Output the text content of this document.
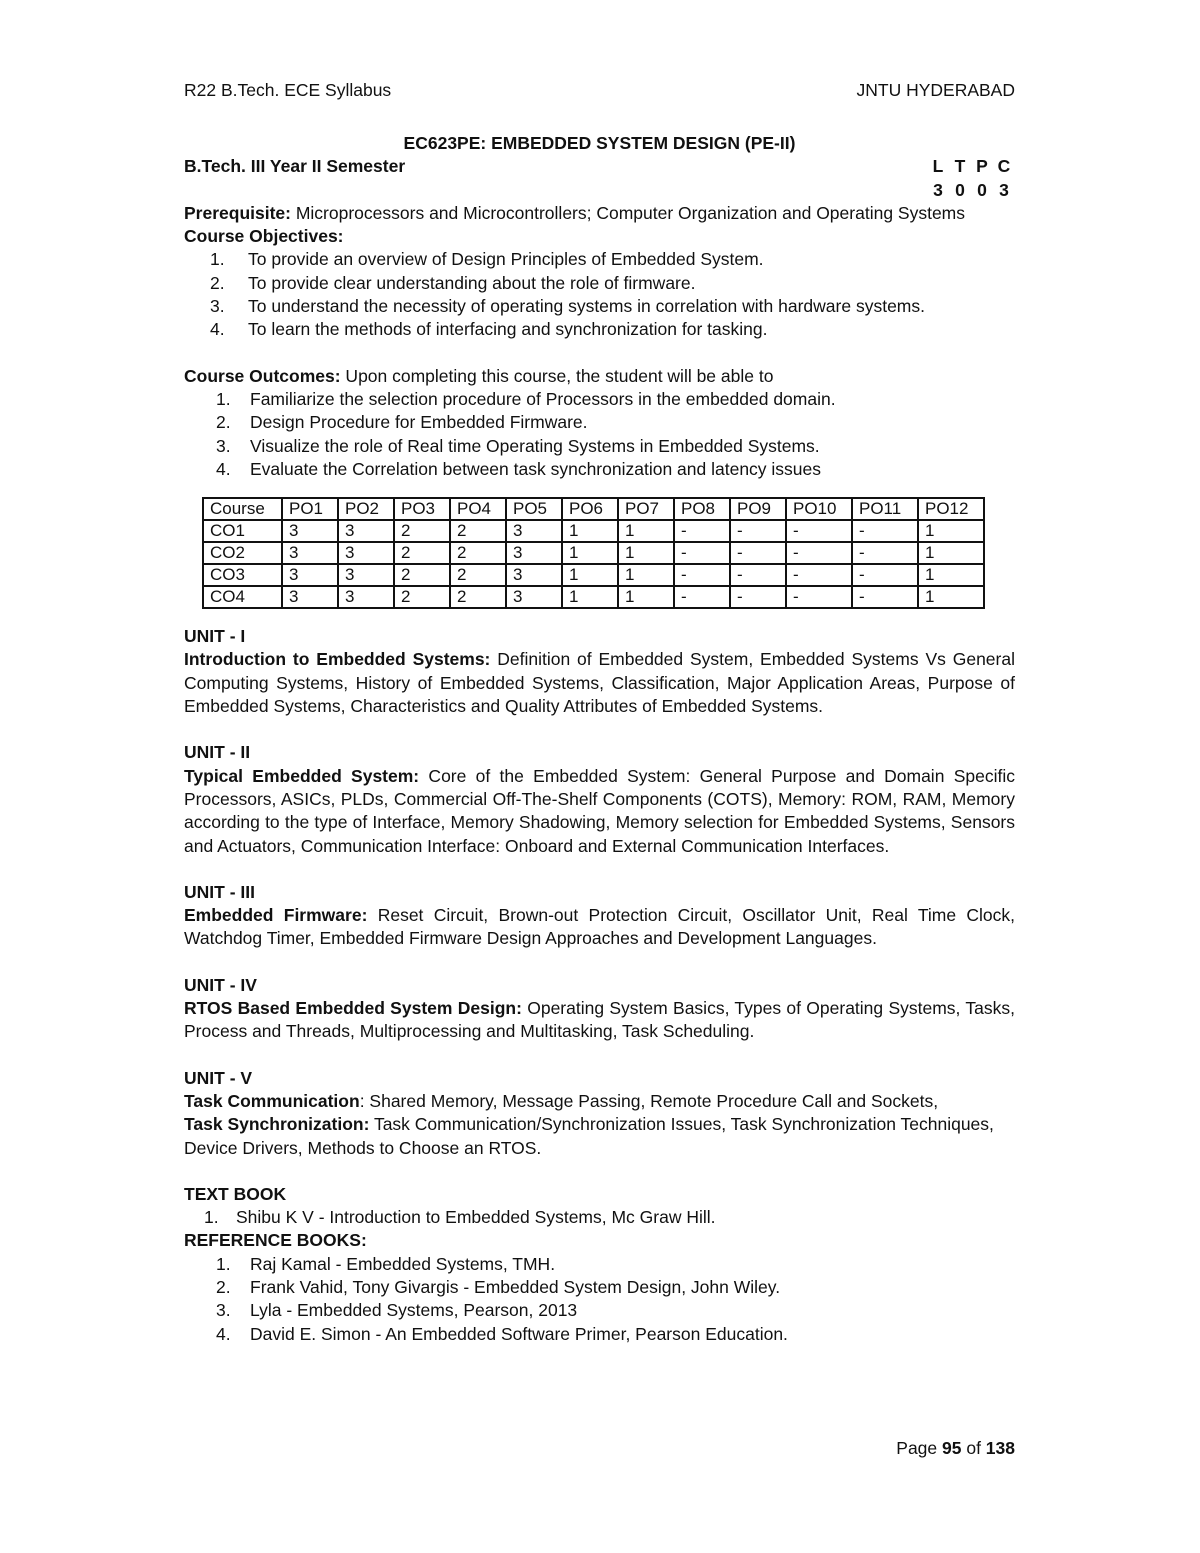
R22 B.Tech. ECE Syllabus	JNTU HYDERABAD
EC623PE: EMBEDDED SYSTEM DESIGN (PE-II)
B.Tech. III Year II Semester	L T P C
3 0 0 3
Prerequisite: Microprocessors and Microcontrollers; Computer Organization and Operating Systems
Course Objectives:
1. To provide an overview of Design Principles of Embedded System.
2. To provide clear understanding about the role of firmware.
3. To understand the necessity of operating systems in correlation with hardware systems.
4. To learn the methods of interfacing and synchronization for tasking.
Course Outcomes: Upon completing this course, the student will be able to
1. Familiarize the selection procedure of Processors in the embedded domain.
2. Design Procedure for Embedded Firmware.
3. Visualize the role of Real time Operating Systems in Embedded Systems.
4. Evaluate the Correlation between task synchronization and latency issues
Course	PO1	PO2	PO3	PO4	PO5	PO6	PO7	PO8	PO9	PO10	PO11	PO12
CO1	3	3	2	2	3	1	1	-	-	-	-	1
CO2	3	3	2	2	3	1	1	-	-	-	-	1
CO3	3	3	2	2	3	1	1	-	-	-	-	1
CO4	3	3	2	2	3	1	1	-	-	-	-	1
UNIT - I
Introduction to Embedded Systems: Definition of Embedded System, Embedded Systems Vs General Computing Systems, History of Embedded Systems, Classification, Major Application Areas, Purpose of Embedded Systems, Characteristics and Quality Attributes of Embedded Systems.
UNIT - II
Typical Embedded System: Core of the Embedded System: General Purpose and Domain Specific Processors, ASICs, PLDs, Commercial Off-The-Shelf Components (COTS), Memory: ROM, RAM, Memory according to the type of Interface, Memory Shadowing, Memory selection for Embedded Systems, Sensors and Actuators, Communication Interface: Onboard and External Communication Interfaces.
UNIT - III
Embedded Firmware: Reset Circuit, Brown-out Protection Circuit, Oscillator Unit, Real Time Clock, Watchdog Timer, Embedded Firmware Design Approaches and Development Languages.
UNIT - IV
RTOS Based Embedded System Design: Operating System Basics, Types of Operating Systems, Tasks, Process and Threads, Multiprocessing and Multitasking, Task Scheduling.
UNIT - V
Task Communication: Shared Memory, Message Passing, Remote Procedure Call and Sockets,
Task Synchronization: Task Communication/Synchronization Issues, Task Synchronization Techniques, Device Drivers, Methods to Choose an RTOS.
TEXT BOOK
1. Shibu K V - Introduction to Embedded Systems, Mc Graw Hill.
REFERENCE BOOKS:
1. Raj Kamal - Embedded Systems, TMH.
2. Frank Vahid, Tony Givargis - Embedded System Design, John Wiley.
3. Lyla - Embedded Systems, Pearson, 2013
4. David E. Simon - An Embedded Software Primer, Pearson Education.
Page 95 of 138
